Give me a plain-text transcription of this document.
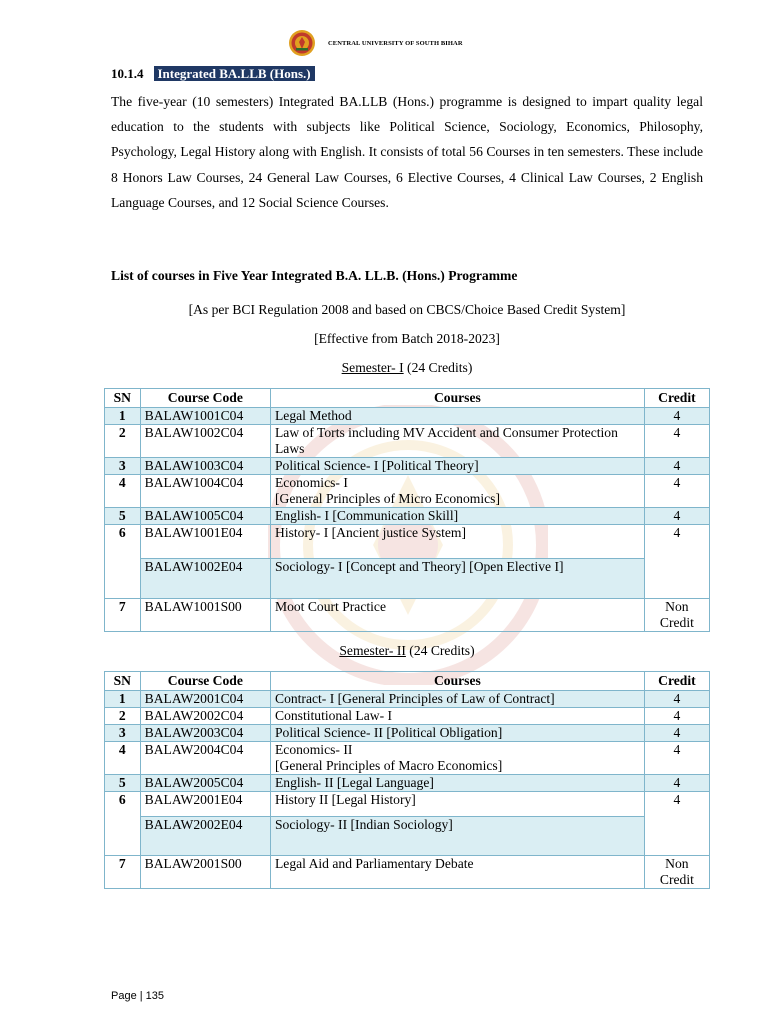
CENTRAL UNIVERSITY OF SOUTH BIHAR
10.1.4 Integrated BA.LLB (Hons.)

The five-year (10 semesters) Integrated BA.LLB (Hons.) programme is designed to impart quality legal education to the students with subjects like Political Science, Sociology, Economics, Philosophy, Psychology, Legal History along with English. It consists of total 56 Courses in ten semesters. These include 8 Honors Law Courses, 24 General Law Courses, 6 Elective Courses, 4 Clinical Law Courses, 2 English Language Courses, and 12 Social Science Courses.

List of courses in Five Year Integrated B.A. LL.B. (Hons.) Programme
[As per BCI Regulation 2008 and based on CBCS/Choice Based Credit System]
[Effective from Batch 2018-2023]
Semester- I (24 Credits)
SN	Course Code	Courses	Credit
1	BALAW1001C04	Legal Method	4
2	BALAW1002C04	Law of Torts including MV Accident and Consumer Protection Laws	4
3	BALAW1003C04	Political Science- I [Political Theory]	4
4	BALAW1004C04	Economics- I
[General Principles of Micro Economics]	4
5	BALAW1005C04	English- I [Communication Skill]	4
6	BALAW1001E04	History- I [Ancient justice System]	4
	BALAW1002E04	Sociology- I [Concept and Theory] [Open Elective I]	
7	BALAW1001S00	Moot Court Practice	Non Credit
Semester- II (24 Credits)
SN	Course Code	Courses	Credit
1	BALAW2001C04	Contract- I [General Principles of Law of Contract]	4
2	BALAW2002C04	Constitutional Law- I	4
3	BALAW2003C04	Political Science- II [Political Obligation]	4
4	BALAW2004C04	Economics- II
[General Principles of Macro Economics]	4
5	BALAW2005C04	English- II [Legal Language]	4
6	BALAW2001E04	History II [Legal History]	4
	BALAW2002E04	Sociology- II [Indian Sociology]	
7	BALAW2001S00	Legal Aid and Parliamentary Debate	Non Credit
Page | 135
